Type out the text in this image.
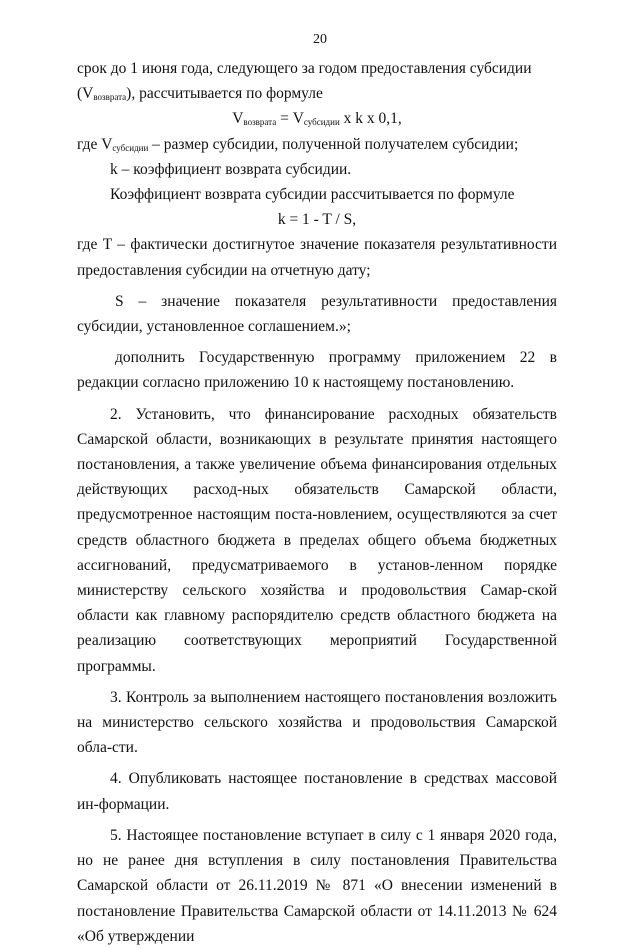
20

срок до 1 июня года, следующего за годом предоставления субсидии

$(V_{возврата})$, рассчитывается по формуле

$V_{возврата} = V_{субсидии}$ x k x 0,1,

где $V_{субсидии}$ – размер субсидии, полученной получателем субсидии;

k – коэффициент возврата субсидии.

Коэффициент возврата субсидии рассчитывается по формуле

k = 1 - T / S,

где T – фактически достигнутое значение показателя результативности предоставления субсидии на отчетную дату;

S – значение показателя результативности предоставления субсидии, установленное соглашением.»;

дополнить Государственную программу приложением 22 в редакции согласно приложению 10 к настоящему постановлению.

2. Установить, что финансирование расходных обязательств Самарской области, возникающих в результате принятия настоящего постановления, а также увеличение объема финансирования отдельных действующих расход-ных обязательств Самарской области, предусмотренное настоящим поста-новлением, осуществляются за счет средств областного бюджета в пределах общего объема бюджетных ассигнований, предусматриваемого в установ-ленном порядке министерству сельского хозяйства и продовольствия Самар-ской области как главному распорядителю средств областного бюджета на реализацию соответствующих мероприятий Государственной программы.

3. Контроль за выполнением настоящего постановления возложить на министерство сельского хозяйства и продовольствия Самарской обла-сти.

4. Опубликовать настоящее постановление в средствах массовой ин-формации.

5. Настоящее постановление вступает в силу с 1 января 2020 года, но не ранее дня вступления в силу постановления Правительства Самарской области от 26.11.2019 № 871 «О внесении изменений в постановление Правительства Самарской области от 14.11.2013 № 624 «Об утверждении
